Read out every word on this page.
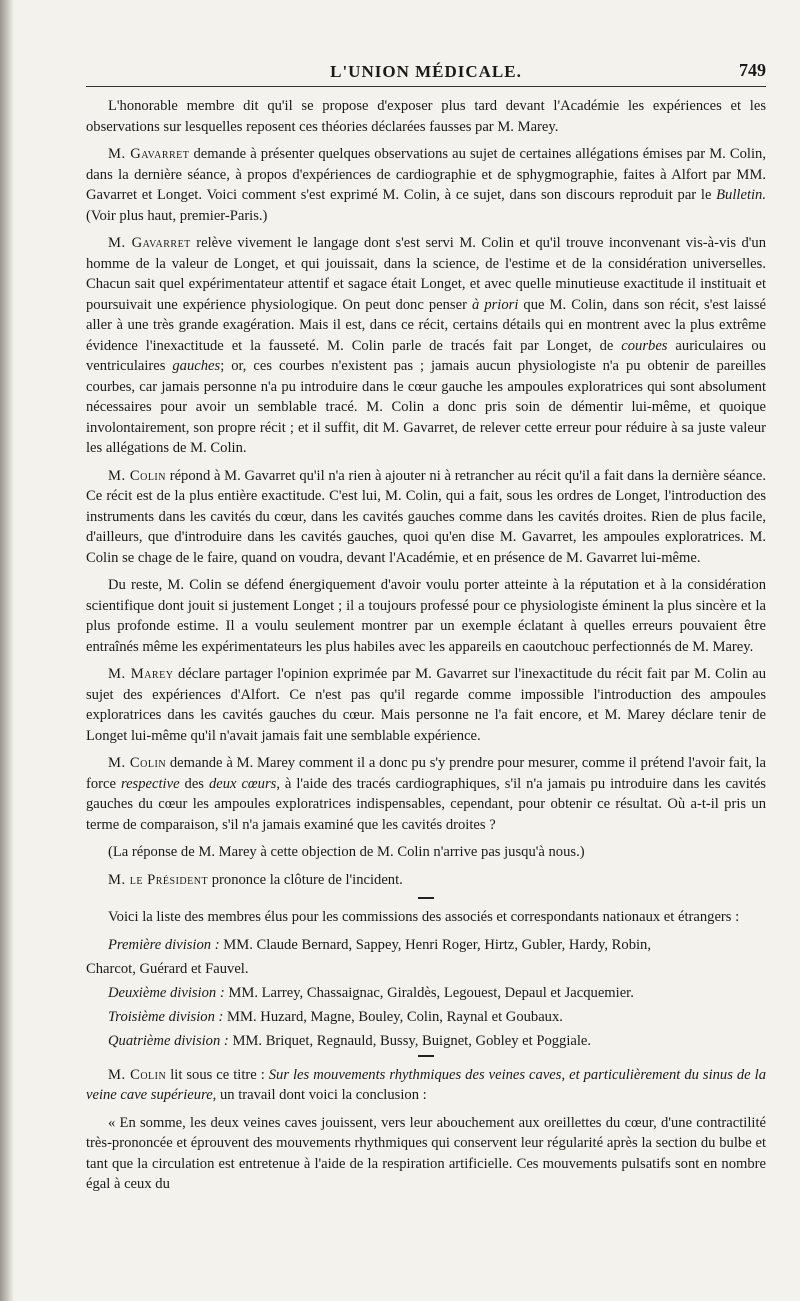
L'UNION MÉDICALE.	749

L'honorable membre dit qu'il se propose d'exposer plus tard devant l'Académie les expériences et les observations sur lesquelles reposent ces théories déclarées fausses par M. Marey.

M. Gavarret demande à présenter quelques observations au sujet de certaines allégations émises par M. Colin, dans la dernière séance, à propos d'expériences de cardiographie et de sphygmographie, faites à Alfort par MM. Gavarret et Longet. Voici comment s'est exprimé M. Colin, à ce sujet, dans son discours reproduit par le Bulletin. (Voir plus haut, premier-Paris.)

M. Gavarret relève vivement le langage dont s'est servi M. Colin et qu'il trouve inconvenant vis-à-vis d'un homme de la valeur de Longet, et qui jouissait, dans la science, de l'estime et de la considération universelles. Chacun sait quel expérimentateur attentif et sagace était Longet, et avec quelle minutieuse exactitude il instituait et poursuivait une expérience physiologique. On peut donc penser à priori que M. Colin, dans son récit, s'est laissé aller à une très grande exagération. Mais il est, dans ce récit, certains détails qui en montrent avec la plus extrême évidence l'inexactitude et la fausseté. M. Colin parle de tracés fait par Longet, de courbes auriculaires ou ventriculaires gauches; or, ces courbes n'existent pas ; jamais aucun physiologiste n'a pu obtenir de pareilles courbes, car jamais personne n'a pu introduire dans le cœur gauche les ampoules exploratrices qui sont absolument nécessaires pour avoir un semblable tracé. M. Colin a donc pris soin de démentir lui-même, et quoique involontairement, son propre récit ; et il suffit, dit M. Gavarret, de relever cette erreur pour réduire à sa juste valeur les allégations de M. Colin.

M. Colin répond à M. Gavarret qu'il n'a rien à ajouter ni à retrancher au récit qu'il a fait dans la dernière séance. Ce récit est de la plus entière exactitude. C'est lui, M. Colin, qui a fait, sous les ordres de Longet, l'introduction des instruments dans les cavités du cœur, dans les cavités gauches comme dans les cavités droites. Rien de plus facile, d'ailleurs, que d'introduire dans les cavités gauches, quoi qu'en dise M. Gavarret, les ampoules exploratrices. M. Colin se chage de le faire, quand on voudra, devant l'Académie, et en présence de M. Gavarret lui-même.

Du reste, M. Colin se défend énergiquement d'avoir voulu porter atteinte à la réputation et à la considération scientifique dont jouit si justement Longet ; il a toujours professé pour ce physiologiste éminent la plus sincère et la plus profonde estime. Il a voulu seulement montrer par un exemple éclatant à quelles erreurs pouvaient être entraînés même les expérimentateurs les plus habiles avec les appareils en caoutchouc perfectionnés de M. Marey.

M. Marey déclare partager l'opinion exprimée par M. Gavarret sur l'inexactitude du récit fait par M. Colin au sujet des expériences d'Alfort. Ce n'est pas qu'il regarde comme impossible l'introduction des ampoules exploratrices dans les cavités gauches du cœur. Mais personne ne l'a fait encore, et M. Marey déclare tenir de Longet lui-même qu'il n'avait jamais fait une semblable expérience.

M. Colin demande à M. Marey comment il a donc pu s'y prendre pour mesurer, comme il prétend l'avoir fait, la force respective des deux cœurs, à l'aide des tracés cardiographiques, s'il n'a jamais pu introduire dans les cavités gauches du cœur les ampoules exploratrices indispensables, cependant, pour obtenir ce résultat. Où a-t-il pris un terme de comparaison, s'il n'a jamais examiné que les cavités droites ?

(La réponse de M. Marey à cette objection de M. Colin n'arrive pas jusqu'à nous.)

M. le Président prononce la clôture de l'incident.

Voici la liste des membres élus pour les commissions des associés et correspondants nationaux et étrangers :

Première division : MM. Claude Bernard, Sappey, Henri Roger, Hirtz, Gubler, Hardy, Robin,
Charcot, Guérard et Fauvel.
Deuxième division : MM. Larrey, Chassaignac, Giraldès, Legouest, Depaul et Jacquemier.
Troisième division : MM. Huzard, Magne, Bouley, Colin, Raynal et Goubaux.
Quatrième division : MM. Briquet, Regnauld, Bussy, Buignet, Gobley et Poggiale.

M. Colin lit sous ce titre : Sur les mouvements rhythmiques des veines caves, et particulièrement du sinus de la veine cave supérieure, un travail dont voici la conclusion :

« En somme, les deux veines caves jouissent, vers leur abouchement aux oreillettes du cœur, d'une contractilité très-prononcée et éprouvent des mouvements rhythmiques qui conservent leur régularité après la section du bulbe et tant que la circulation est entretenue à l'aide de la respiration artificielle. Ces mouvements pulsatifs sont en nombre égal à ceux du
